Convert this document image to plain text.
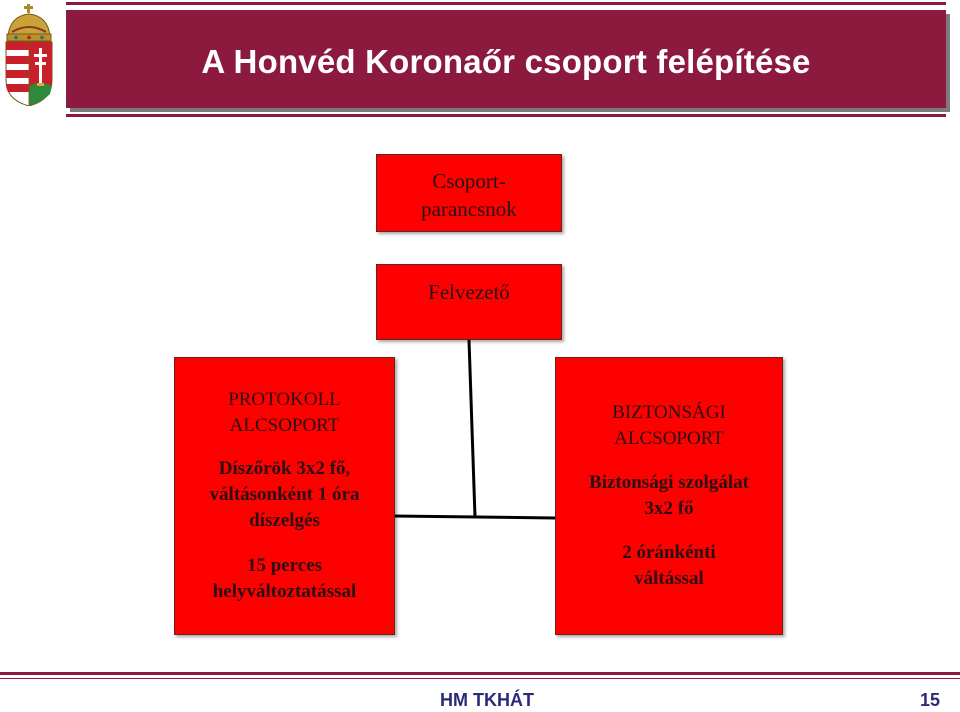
A Honvéd Koronaőr csoport felépítése
Csoport-
parancsnok
Felvezető
PROTOKOLL
ALCSOPORT
Díszőrök 3x2 fő,
váltásonként 1 óra
díszelgés
15 perces
helyváltoztatással
BIZTONSÁGI
ALCSOPORT
Biztonsági szolgálat
3x2 fő
2 óránkénti
váltással
HM TKHÁT	15
